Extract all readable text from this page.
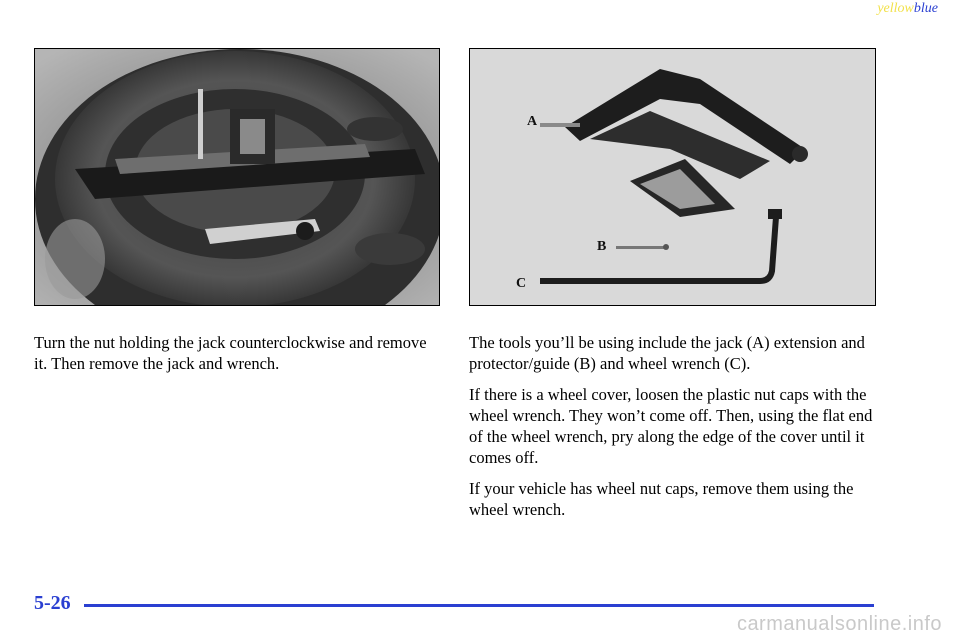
yellowblue
A
B
C

Turn the nut holding the jack counterclockwise and remove it. Then remove the jack and wrench.

The tools you’ll be using include the jack (A) extension and protector/guide (B) and wheel wrench (C).

If there is a wheel cover, loosen the plastic nut caps with the wheel wrench. They won’t come off. Then, using the flat end of the wheel wrench, pry along the edge of the cover until it comes off.

If your vehicle has wheel nut caps, remove them using the wheel wrench.

5-26
carmanualsonline.info
